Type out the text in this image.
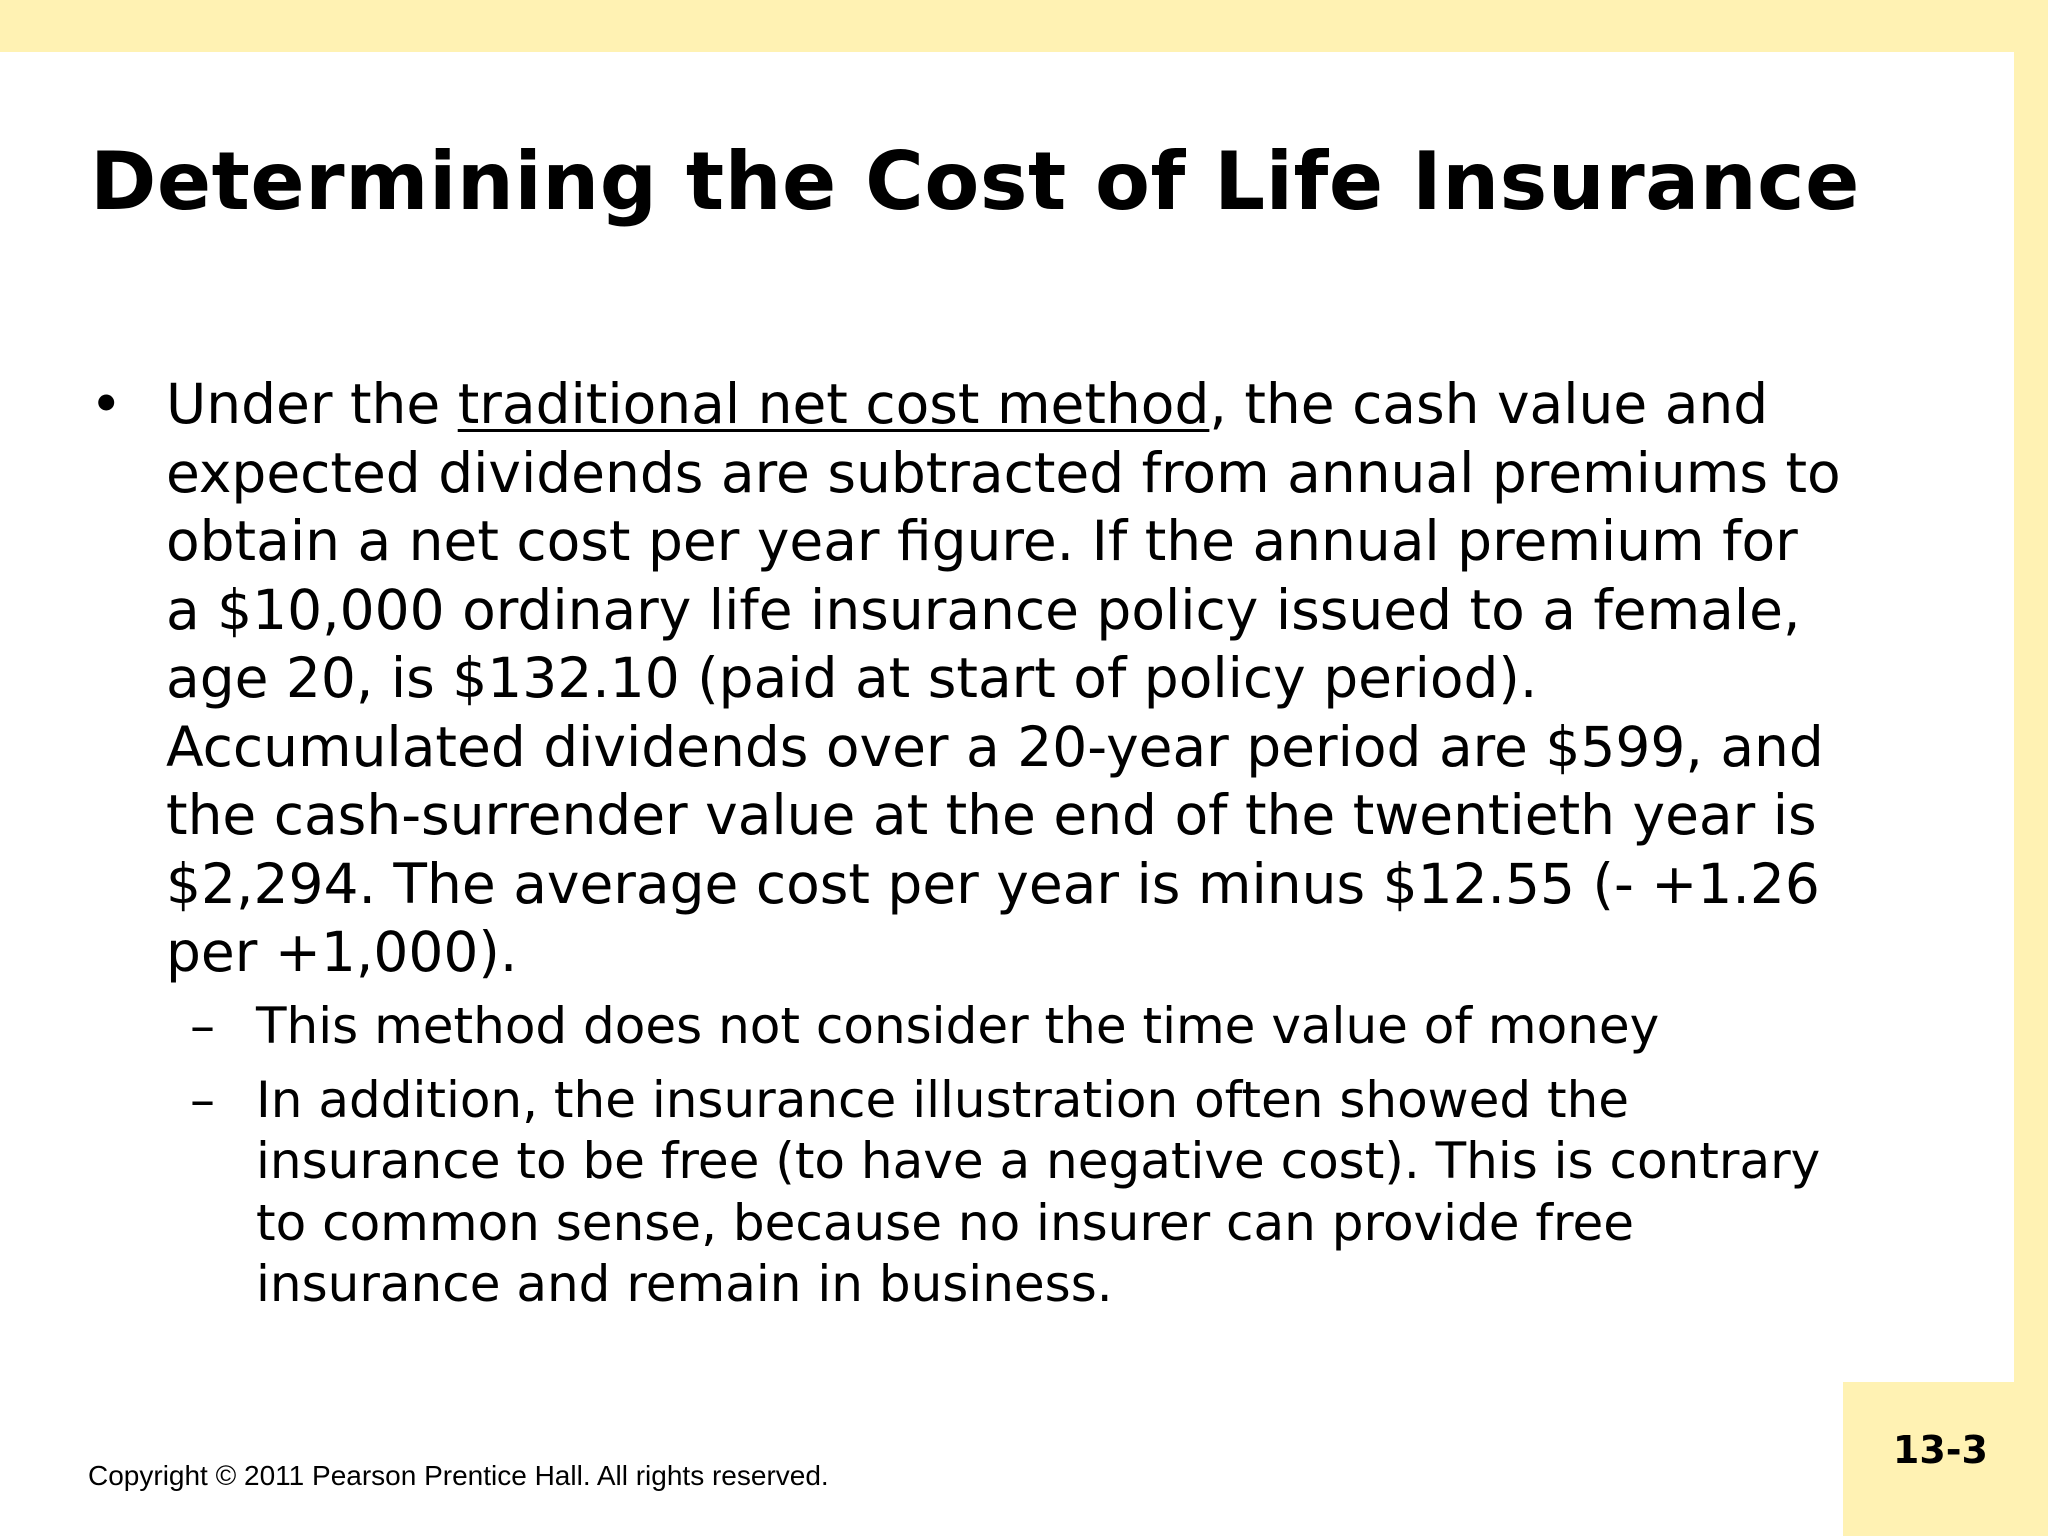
Determining the Cost of Life Insurance
• Under the traditional net cost method, the cash value and
expected dividends are subtracted from annual premiums to
obtain a net cost per year figure. If the annual premium for
a $10,000 ordinary life insurance policy issued to a female,
age 20, is $132.10 (paid at start of policy period).
Accumulated dividends over a 20-year period are $599, and
the cash-surrender value at the end of the twentieth year is
$2,294. The average cost per year is minus $12.55 (- +1.26
per +1,000).
– This method does not consider the time value of money
– In addition, the insurance illustration often showed the
insurance to be free (to have a negative cost). This is contrary
to common sense, because no insurer can provide free
insurance and remain in business.
Copyright © 2011 Pearson Prentice Hall. All rights reserved.
13-3
